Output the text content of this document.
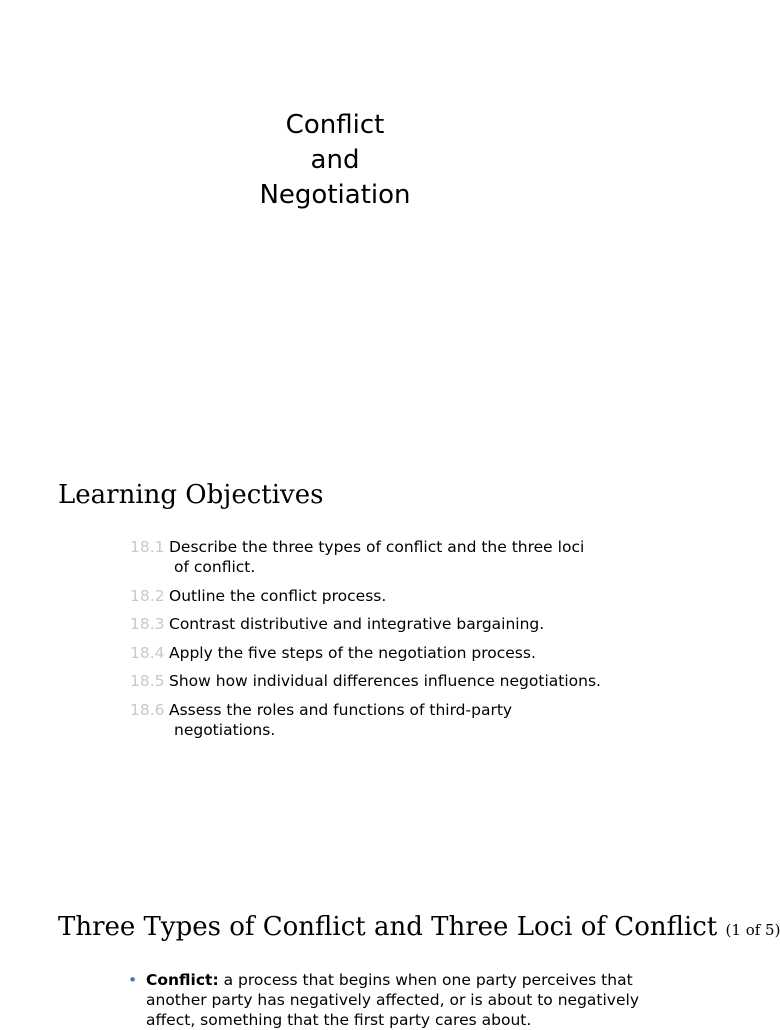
Conflict
and
Negotiation
Learning Objectives
18.1 Describe the three types of conflict and the three loci
of conflict.
18.2 Outline the conflict process.
18.3 Contrast distributive and integrative bargaining.
18.4 Apply the five steps of the negotiation process.
18.5 Show how individual differences influence negotiations.
18.6 Assess the roles and functions of third-party
negotiations.
Three Types of Conflict and Three Loci of Conflict (1 of 5)
• Conflict: a process that begins when one party perceives that another party has negatively affected, or is about to negatively affect, something that the first party cares about.
